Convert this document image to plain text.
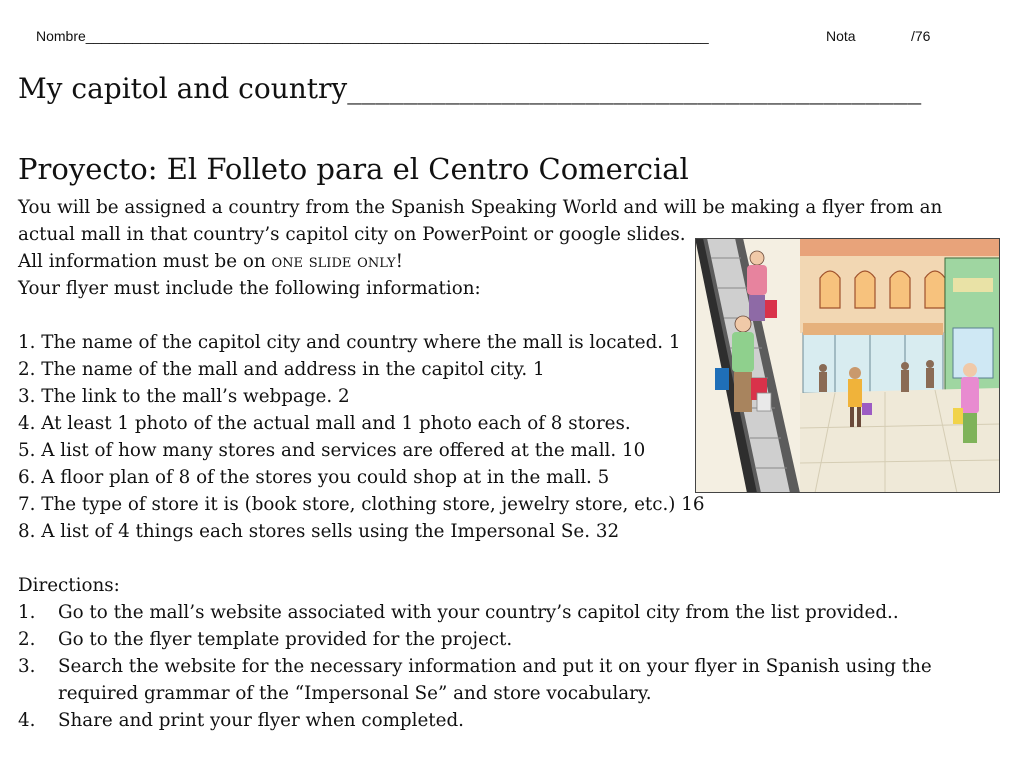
Nombre________________________________________________________________________________	Nota	/76
My capitol and country_________________________________________
Proyecto: El Folleto para el Centro Comercial

You will be assigned a country from the Spanish Speaking World and will be making a flyer from an actual mall in that country’s capitol city on PowerPoint or google slides.

All information must be on one slide only!

Your flyer must include the following information:

1. The name of the capitol city and country where the mall is located. 1
2. The name of the mall and address in the capitol city. 1
3. The link to the mall’s webpage. 2
4. At least 1 photo of the actual mall and 1 photo each of 8 stores.
5. A list of how many stores and services are offered at the mall. 10
6. A floor plan of 8 of the stores you could shop at in the mall. 5
7. The type of store it is (book store, clothing store, jewelry store, etc.) 16
8. A list of 4 things each stores sells using the Impersonal Se. 32

Directions:

1. Go to the mall’s website associated with your country’s capitol city from the list provided..
2. Go to the flyer template provided for the project.
3. Search the website for the necessary information and put it on your flyer in Spanish using the required grammar of the “Impersonal Se” and store vocabulary.
4. Share and print your flyer when completed.
